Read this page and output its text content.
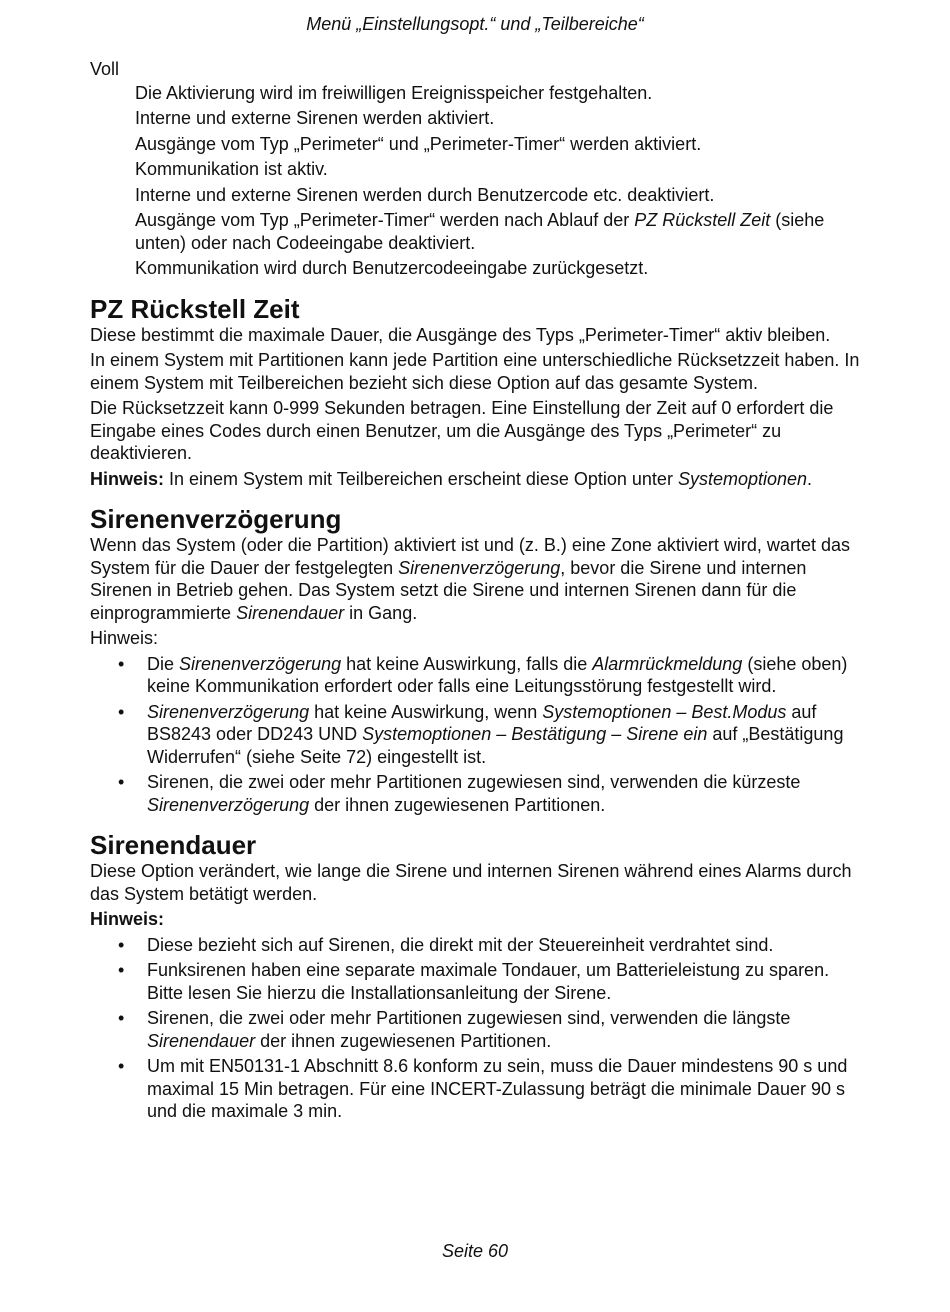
Menü „Einstellungsopt.“ und „Teilbereiche“

Voll

Die Aktivierung wird im freiwilligen Ereignisspeicher festgehalten.

Interne und externe Sirenen werden aktiviert.

Ausgänge vom Typ „Perimeter“ und „Perimeter-Timer“ werden aktiviert.

Kommunikation ist aktiv.

Interne und externe Sirenen werden durch Benutzercode etc. deaktiviert.

Ausgänge vom Typ „Perimeter-Timer“ werden nach Ablauf der PZ Rückstell Zeit (siehe unten) oder nach Codeeingabe deaktiviert.

Kommunikation wird durch Benutzercodeeingabe zurückgesetzt.

PZ Rückstell Zeit

Diese bestimmt die maximale Dauer, die Ausgänge des Typs „Perimeter-Timer“ aktiv bleiben.

In einem System mit Partitionen kann jede Partition eine unterschiedliche Rücksetzzeit haben. In einem System mit Teilbereichen bezieht sich diese Option auf das gesamte System.

Die Rücksetzzeit kann 0-999 Sekunden betragen. Eine Einstellung der Zeit auf 0 erfordert die Eingabe eines Codes durch einen Benutzer, um die Ausgänge des Typs „Perimeter“ zu deaktivieren.

Hinweis: In einem System mit Teilbereichen erscheint diese Option unter Systemoptionen.

Sirenenverzögerung

Wenn das System (oder die Partition) aktiviert ist und (z. B.) eine Zone aktiviert wird, wartet das System für die Dauer der festgelegten Sirenenverzögerung, bevor die Sirene und internen Sirenen in Betrieb gehen. Das System setzt die Sirene und internen Sirenen dann für die einprogrammierte Sirenendauer in Gang.

Hinweis:

• Die Sirenenverzögerung hat keine Auswirkung, falls die Alarmrückmeldung (siehe oben) keine Kommunikation erfordert oder falls eine Leitungsstörung festgestellt wird.
• Sirenenverzögerung hat keine Auswirkung, wenn Systemoptionen – Best.Modus auf BS8243 oder DD243 UND Systemoptionen – Bestätigung – Sirene ein auf „Bestätigung Widerrufen“ (siehe Seite 72) eingestellt ist.
• Sirenen, die zwei oder mehr Partitionen zugewiesen sind, verwenden die kürzeste Sirenenverzögerung der ihnen zugewiesenen Partitionen.
Sirenendauer

Diese Option verändert, wie lange die Sirene und internen Sirenen während eines Alarms durch das System betätigt werden.

Hinweis:

• Diese bezieht sich auf Sirenen, die direkt mit der Steuereinheit verdrahtet sind.
• Funksirenen haben eine separate maximale Tondauer, um Batterieleistung zu sparen. Bitte lesen Sie hierzu die Installationsanleitung der Sirene.
• Sirenen, die zwei oder mehr Partitionen zugewiesen sind, verwenden die längste Sirenendauer der ihnen zugewiesenen Partitionen.
• Um mit EN50131-1 Abschnitt 8.6 konform zu sein, muss die Dauer mindestens 90 s und maximal 15 Min betragen. Für eine INCERT-Zulassung beträgt die minimale Dauer 90 s und die maximale 3 min.
Seite 60
